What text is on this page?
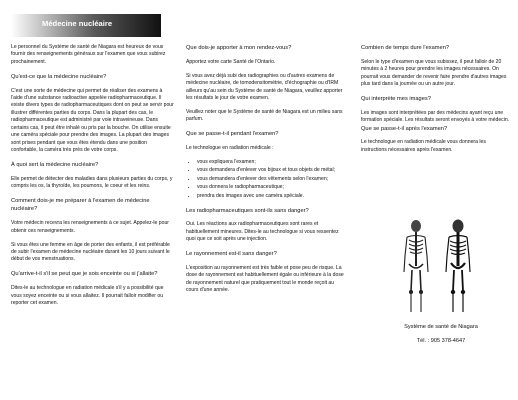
Médecine nucléaire

Le personnel du Système de santé de Niagara est heureux de vous fournir des renseignements généraux sur l'examen que vous subirez prochainement.

Qu'est-ce que la médecine nucléaire?

C'est une sorte de médecine qui permet de réaliser des examens à l'aide d'une substance radioactive appelée radiopharmaceutique. Il existe divers types de radiopharmaceutiques dont on peut se servir pour illustrer différentes parties du corps. Dans la plupart des cas, le radiopharmaceutique est administré par voie intraveineuse. Dans certains cas, il peut être inhalé ou pris par la bouche. On utilise ensuite une caméra spéciale pour prendre des images. La plupart des images sont prises pendant que vous êtes étendu dans une position confortable, la caméra très près de votre corps.

À quoi sert la médecine nucléaire?

Elle permet de détecter des maladies dans plusieurs parties du corps, y compris les os, la thyroïde, les poumons, le coeur et les reins.

Comment dois-je me préparer à l'examen de médecine nucléaire?

Votre médecin recevra les renseignements à ce sujet. Appelez-le pour obtenir ces renseignements.

Si vous êtes une femme en âge de porter des enfants, il est préférable de subir l'examen de médecine nucléaire durant les 10 jours suivant le début de vos menstruations.

Qu'arrive-t-il s'il se peut que je sois enceinte ou si j'allaite?

Dites-le au technologue en radiation médicale s'il y a possibilité que vous soyez enceinte ou si vous allaitez. Il pourrait falloir modifier ou reporter cet examen.

Que dois-je apporter à mon rendez-vous?

Apportez votre carte Santé de l'Ontario.

Si vous avez déjà subi des radiographies ou d'autres examens de médecine nucléaire, de tomodensitométrie, d'échographie ou d'IRM ailleurs qu'au sein du Système de santé de Niagara, veuillez apporter les résultats le jour de votre examen.

Veuillez noter que le Système de santé de Niagara est un milieu sans parfum.

Que se passe-t-il pendant l'examen?

Le technologue en radiation médicale :

• vous expliquera l'examen;
• vous demandera d'enlever vos bijoux et tous objets de métal;
• vous demandera d'enlever des vêtements selon l'examen;
• vous donnera le radiopharmaceutique;
• prendra des images avec une caméra spéciale.

Les radiopharmaceutiques sont-ils sans danger?

Oui. Les réactions aux radiopharmaceutiques sont rares et habituellement mineures. Dites-le au technologue si vous ressentez quoi que ce soit après une injection.

Le rayonnement est-il sans danger?

L'exposition au rayonnement est très faible et pose peu de risque. La dose de rayonnement est habituellement égale ou inférieure à la dose de rayonnement naturel que pratiquement tout le monde reçoit au cours d'une année.

Combien de temps dure l'examen?

Selon le type d'examen que vous subissez, il peut falloir de 20 minutes à 2 heures pour prendre les images nécessaires. On pourrait vous demander de revenir faire prendre d'autres images plus tard dans la journée ou un autre jour.

Qui interprète mes images?

Les images sont interprétées par des médecins ayant reçu une formation spéciale. Les résultats seront envoyés à votre médecin.

Que se passe-t-il après l'examen?

Le technologue en radiation médicale vous donnera les instructions nécessaires après l'examen.

Système de santé de Niagara
Tél. : 905 378-4647
